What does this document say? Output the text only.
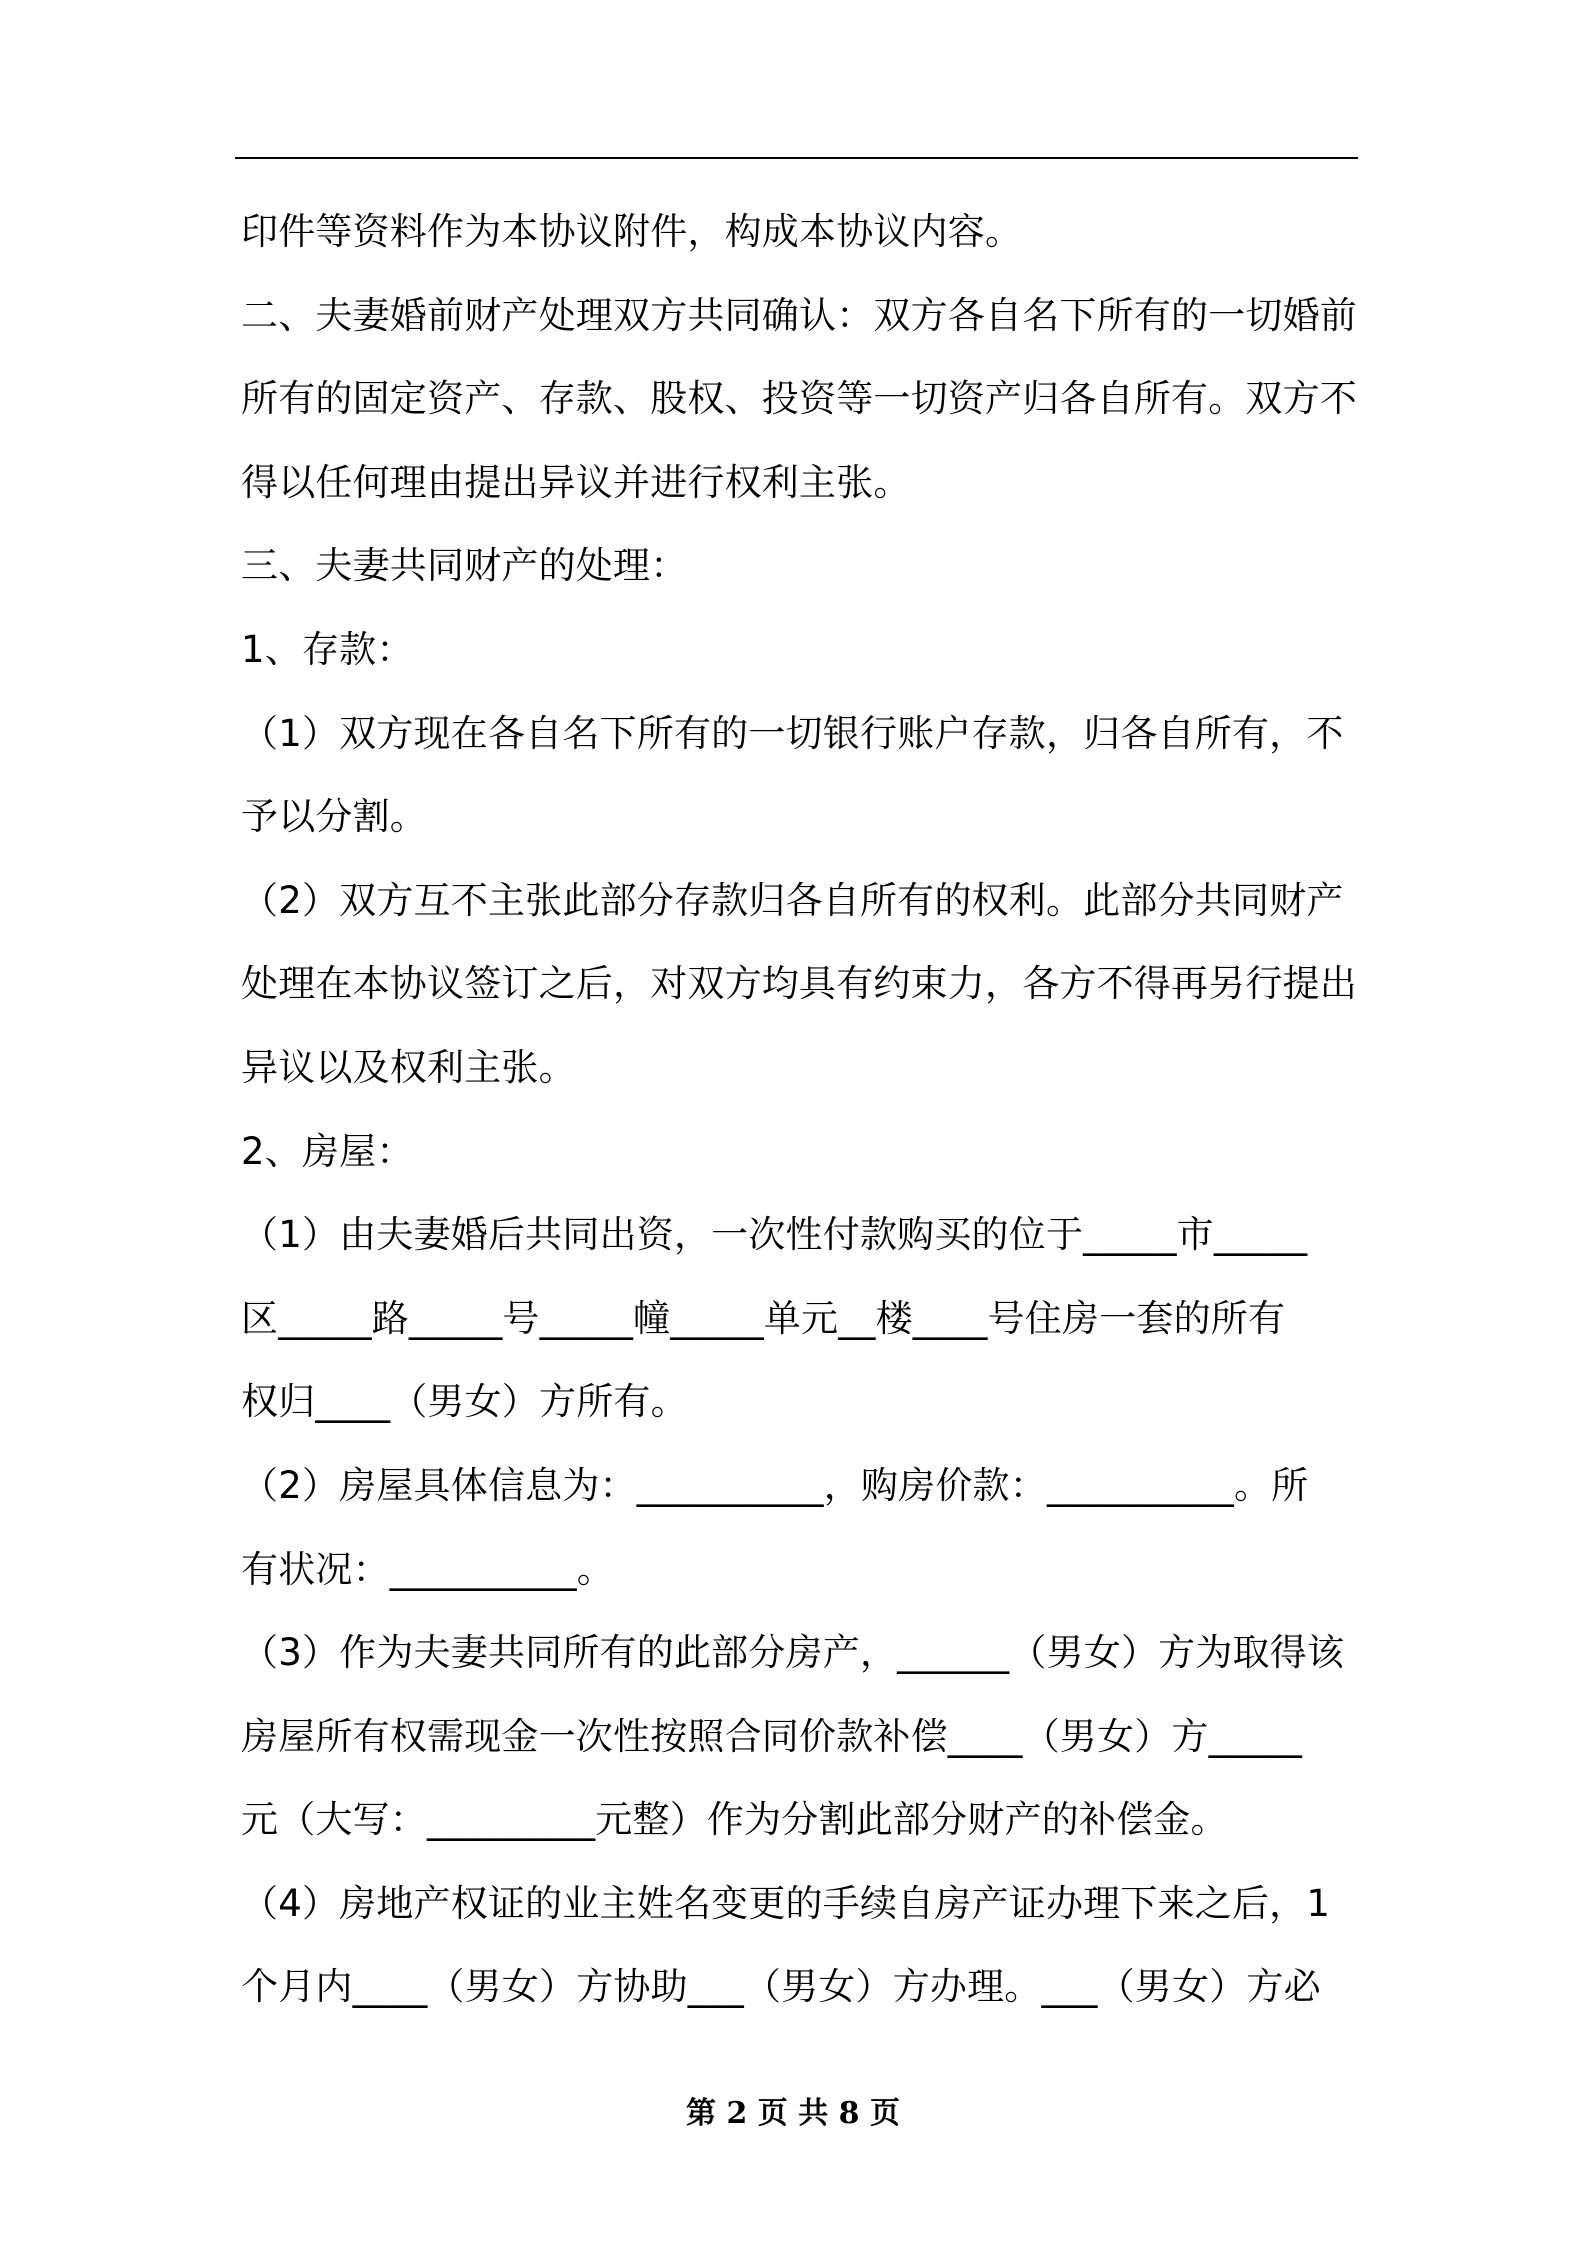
印件等资料作为本协议附件，构成本协议内容。
二、夫妻婚前财产处理双方共同确认：双方各自名下所有的一切婚前
所有的固定资产、存款、股权、投资等一切资产归各自所有。双方不
得以任何理由提出异议并进行权利主张。
三、夫妻共同财产的处理：
1、存款：
（1）双方现在各自名下所有的一切银行账户存款，归各自所有，不
予以分割。
（2）双方互不主张此部分存款归各自所有的权利。此部分共同财产
处理在本协议签订之后，对双方均具有约束力，各方不得再另行提出
异议以及权利主张。
2、房屋：
（1）由夫妻婚后共同出资，一次性付款购买的位于_____市_____
区_____路_____号_____幢_____单元__楼____号住房一套的所有
权归____（男女）方所有。
（2）房屋具体信息为：__________，购房价款：__________。所
有状况：__________。
（3）作为夫妻共同所有的此部分房产，______（男女）方为取得该
房屋所有权需现金一次性按照合同价款补偿____（男女）方_____
元（大写：_________元整）作为分割此部分财产的补偿金。
（4）房地产权证的业主姓名变更的手续自房产证办理下来之后，1
个月内____（男女）方协助___（男女）方办理。___（男女）方必
第 2 页 共 8 页
